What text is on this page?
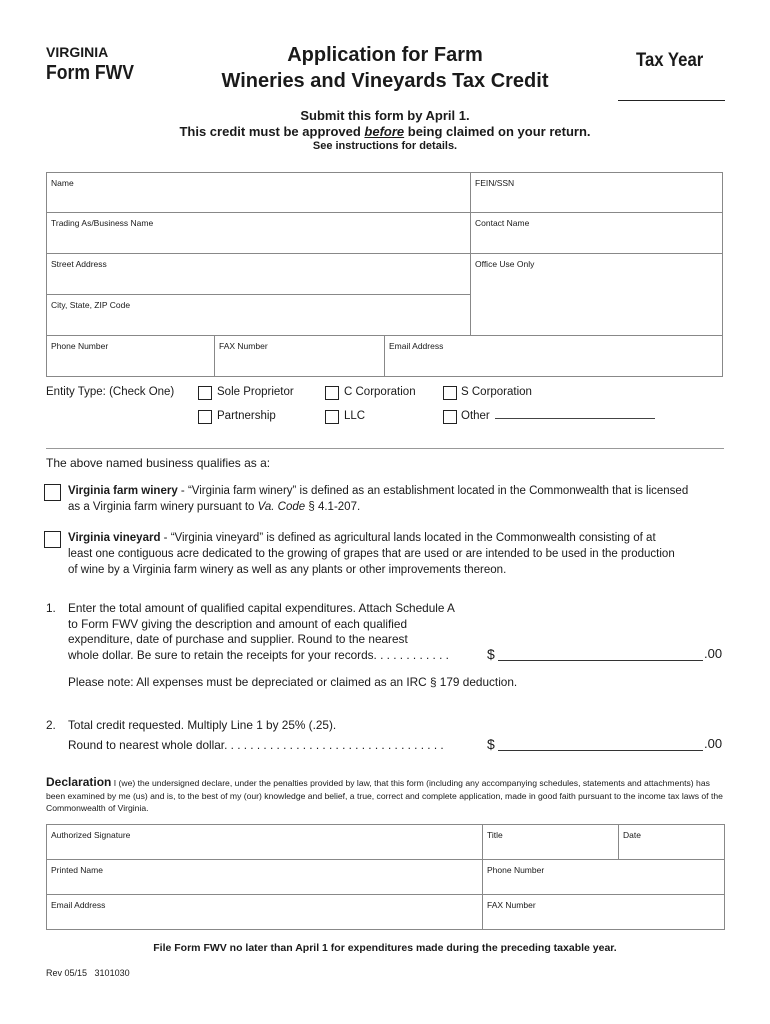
VIRGINIA
Form FWV
Application for Farm
Wineries and Vineyards Tax Credit
Tax Year
Submit this form by April 1.
This credit must be approved before being claimed on your return.
See instructions for details.
Name	FEIN/SSN
Trading As/Business Name	Contact Name
Street Address	Office Use Only
City, State, ZIP Code
Phone Number	FAX Number	Email Address
Entity Type: (Check One)	Sole Proprietor	C Corporation	S Corporation
Partnership	LLC	Other
The above named business qualifies as a:
Virginia farm winery - “Virginia farm winery” is defined as an establishment located in the Commonwealth that is licensed
as a Virginia farm winery pursuant to Va. Code § 4.1-207.
Virginia vineyard - “Virginia vineyard” is defined as agricultural lands located in the Commonwealth consisting of at
least one contiguous acre dedicated to the growing of grapes that are used or are intended to be used in the production
of wine by a Virginia farm winery as well as any plants or other improvements thereon.
1. Enter the total amount of qualified capital expenditures. Attach Schedule A
to Form FWV giving the description and amount of each qualified
expenditure, date of purchase and supplier. Round to the nearest
whole dollar. Be sure to retain the receipts for your records. . . . . . . . . . . .	$	.00
Please note: All expenses must be depreciated or claimed as an IRC § 179 deduction.
2. Total credit requested. Multiply Line 1 by 25% (.25).
Round to nearest whole dollar. . . . . . . . . . . . . . . . . . . . . . . . . . . . . . . . . .	$	.00
Declaration I (we) the undersigned declare, under the penalties provided by law, that this form (including any accompanying schedules, statements and attachments) has been examined by me (us) and is, to the best of my (our) knowledge and belief, a true, correct and complete application, made in good faith pursuant to the income tax laws of the Commonwealth of Virginia.
Authorized Signature	Title	Date
Printed Name	Phone Number
Email Address	FAX Number
File Form FWV no later than April 1 for expenditures made during the preceding taxable year.
Rev 05/15 3101030
